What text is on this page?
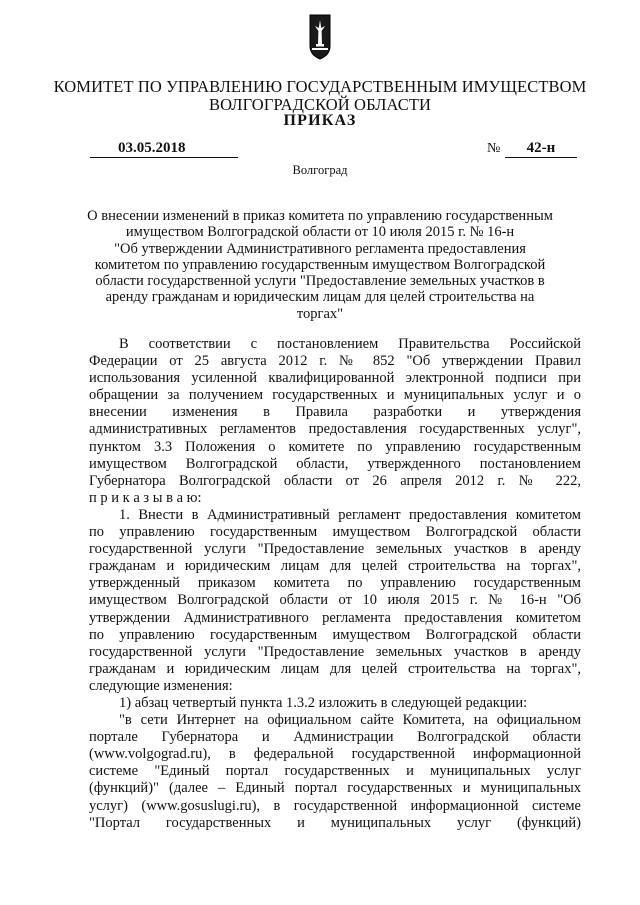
КОМИТЕТ ПО УПРАВЛЕНИЮ ГОСУДАРСТВЕННЫМ ИМУЩЕСТВОМ
ВОЛГОГРАДСКОЙ ОБЛАСТИ
ПРИКАЗ
03.05.2018	№	42-н
Волгоград
О внесении изменений в приказ комитета по управлению государственным
имуществом Волгоградской области от 10 июля 2015 г. № 16-н
"Об утверждении Административного регламента предоставления
комитетом по управлению государственным имуществом Волгоградской
области государственной услуги "Предоставление земельных участков в
аренду гражданам и юридическим лицам для целей строительства на
торгах"
В соответствии с постановлением Правительства Российской
Федерации от 25 августа 2012 г. № 852 "Об утверждении Правил
использования усиленной квалифицированной электронной подписи при
обращении за получением государственных и муниципальных услуг и о
внесении изменения в Правила разработки и утверждения
административных регламентов предоставления государственных услуг",
пунктом 3.3 Положения о комитете по управлению государственным
имуществом Волгоградской области, утвержденного постановлением
Губернатора Волгоградской области от 26 апреля 2012 г. № 222,
п р и к а з ы в а ю:
1. Внести в Административный регламент предоставления комитетом
по управлению государственным имуществом Волгоградской области
государственной услуги "Предоставление земельных участков в аренду
гражданам и юридическим лицам для целей строительства на торгах",
утвержденный приказом комитета по управлению государственным
имуществом Волгоградской области от 10 июля 2015 г. № 16-н "Об
утверждении Административного регламента предоставления комитетом
по управлению государственным имуществом Волгоградской области
государственной услуги "Предоставление земельных участков в аренду
гражданам и юридическим лицам для целей строительства на торгах",
следующие изменения:
1) абзац четвертый пункта 1.3.2 изложить в следующей редакции:
"в сети Интернет на официальном сайте Комитета, на официальном
портале Губернатора и Администрации Волгоградской области
(www.volgograd.ru), в федеральной государственной информационной
системе "Единый портал государственных и муниципальных услуг
(функций)" (далее – Единый портал государственных и муниципальных
услуг) (www.gosuslugi.ru), в государственной информационной системе
"Портал государственных и муниципальных услуг (функций)
